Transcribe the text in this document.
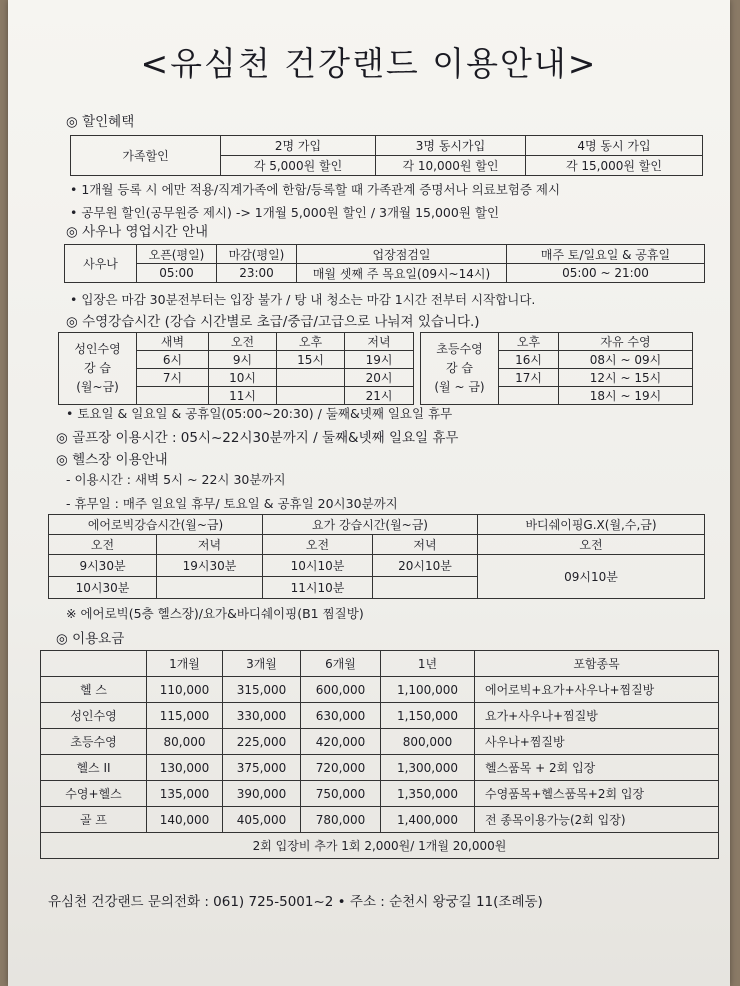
<유심천 건강랜드 이용안내>
◎ 할인혜택
가족할인	2명 가입	3명 동시가입	4명 동시 가입
	각 5,000원 할인	각 10,000원 할인	각 15,000원 할인
• 1개월 등록 시 에만 적용/직계가족에 한함/등록할 때 가족관계 증명서나 의료보험증 제시
• 공무원 할인(공무원증 제시) -> 1개월 5,000원 할인 / 3개월 15,000원 할인
◎ 사우나 영업시간 안내
사우나	오픈(평일)	마감(평일)	업장점검일	매주 토/일요일 & 공휴일
	05:00	23:00	매월 셋째 주 목요일(09시~14시)	05:00 ~ 21:00
• 입장은 마감 30분전부터는 입장 불가 / 탕 내 청소는 마감 1시간 전부터 시작합니다.
◎ 수영강습시간 (강습 시간별로 초급/중급/고급으로 나눠져 있습니다.)
성인수영
강 습
(월~금)	새벽	오전	오후	저녁
	6시	9시	15시	19시
	7시	10시		20시
		11시		21시
초등수영
강 습
(월 ~ 금)	오후	자유 수영
	16시	08시 ~ 09시
	17시	12시 ~ 15시
		18시 ~ 19시
• 토요일 & 일요일 & 공휴일(05:00~20:30) / 둘째&넷째 일요일 휴무
◎ 골프장 이용시간 : 05시~22시30분까지 / 둘째&넷째 일요일 휴무
◎ 헬스장 이용안내
- 이용시간 : 새벽 5시 ~ 22시 30분까지
- 휴무일 : 매주 일요일 휴무/ 토요일 & 공휴일 20시30분까지
에어로빅강습시간(월~금)		요가 강습시간(월~금)		바디쉐이핑G.X(월,수,금)
오전	저녁	오전	저녁	오전
9시30분	19시30분	10시10분	20시10분	09시10분
10시30분		11시10분		
※ 에어로빅(5층 헬스장)/요가&바디쉐이핑(B1 찜질방)
◎ 이용요금
	1개월	3개월	6개월	1년	포함종목
헬 스	110,000	315,000	600,000	1,100,000	에어로빅+요가+사우나+찜질방
성인수영	115,000	330,000	630,000	1,150,000	요가+사우나+찜질방
초등수영	80,000	225,000	420,000	800,000	사우나+찜질방
헬스 II	130,000	375,000	720,000	1,300,000	헬스품목 + 2회 입장
수영+헬스	135,000	390,000	750,000	1,350,000	수영품목+헬스품목+2회 입장
골 프	140,000	405,000	780,000	1,400,000	전 종목이용가능(2회 입장)
2회 입장비 추가 1회 2,000원/ 1개월 20,000원					
유심천 건강랜드 문의전화 : 061) 725-5001~2 • 주소 : 순천시 왕궁길 11(조례동)
